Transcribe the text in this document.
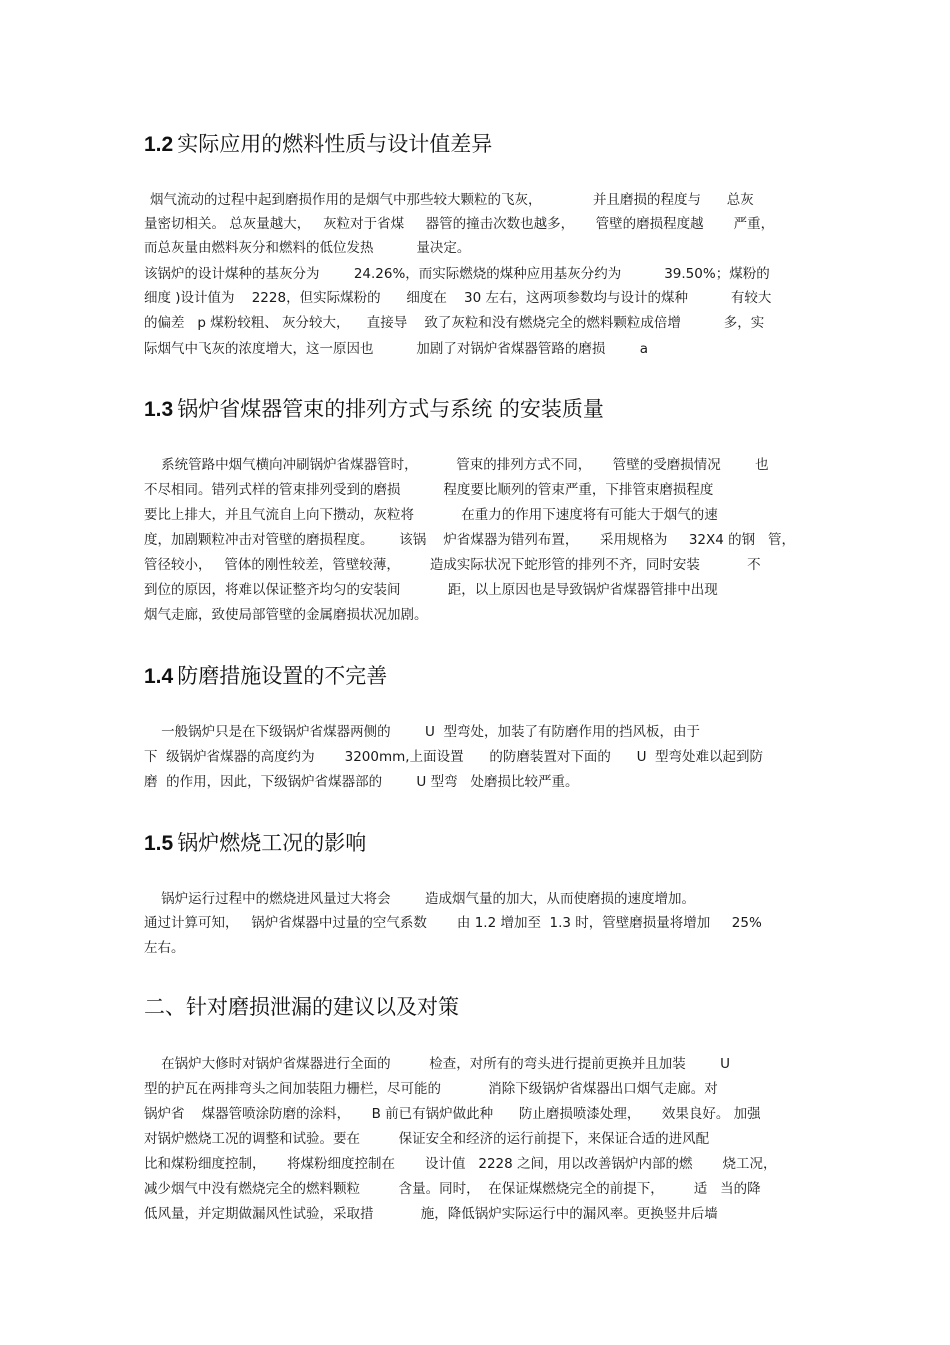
1.2 实际应用的燃料性质与设计值差异

烟气流动的过程中起到磨损作用的是烟气中那些较大颗粒的飞灰，            并且磨损的程度与      总灰

量密切相关。 总灰量越大，   灰粒对于省煤     器管的撞击次数也越多，     管壁的磨损程度越       严重，

而总灰量由燃料灰分和燃料的低位发热          量决定。

该锅炉的设计煤种的基灰分为        24.26%，而实际燃烧的煤种应用基灰分约为          39.50%；煤粉的

细度 )设计值为    2228，但实际煤粉的      细度在    30 左右，这两项参数均与设计的煤种          有较大

的偏差   p 煤粉较粗、 灰分较大，    直接导    致了灰粒和没有燃烧完全的燃料颗粒成倍增          多，实

际烟气中飞灰的浓度增大，这一原因也          加剧了对锅炉省煤器管路的磨损        a

1.3 锅炉省煤器管束的排列方式与系统 的安装质量

系统管路中烟气横向冲刷锅炉省煤器管时，         管束的排列方式不同，     管壁的受磨损情况        也

不尽相同。错列式样的管束排列受到的磨损          程度要比顺列的管束严重，下排管束磨损程度

要比上排大，并且气流自上向下攒动，灰粒将           在重力的作用下速度将有可能大于烟气的速

度，加剧颗粒冲击对管壁的磨损程度。      该锅    炉省煤器为错列布置，     采用规格为     32X4 的钢   管，

管径较小，   管体的刚性较差，管壁较薄，       造成实际状况下蛇形管的排列不齐，同时安装           不

到位的原因，将难以保证整齐均匀的安装间           距，以上原因也是导致锅炉省煤器管排中出现

烟气走廊，致使局部管壁的金属磨损状况加剧。

1.4 防磨措施设置的不完善

一般锅炉只是在下级锅炉省煤器两侧的        U  型弯处，加装了有防磨作用的挡风板，由于

下  级锅炉省煤器的高度约为       3200mm,上面设置      的防磨装置对下面的      U  型弯处难以起到防

磨  的作用，因此，下级锅炉省煤器部的        U 型弯   处磨损比较严重。

1.5 锅炉燃烧工况的影响

锅炉运行过程中的燃烧进风量过大将会        造成烟气量的加大，从而使磨损的速度增加。

通过计算可知，   锅炉省煤器中过量的空气系数       由 1.2 增加至  1.3 时，管壁磨损量将增加     25%

左右。

二、针对磨损泄漏的建议以及对策

在锅炉大修时对锅炉省煤器进行全面的         检查，对所有的弯头进行提前更换并且加装        U

型的护瓦在两排弯头之间加装阻力栅栏，尽可能的           消除下级锅炉省煤器出口烟气走廊。对

锅炉省    煤器管喷涂防磨的涂料，     B 前已有锅炉做此种      防止磨损喷漆处理，     效果良好。 加强

对锅炉燃烧工况的调整和试验。要在         保证安全和经济的运行前提下，来保证合适的进风配

比和煤粉细度控制，     将煤粉细度控制在       设计值   2228 之间，用以改善锅炉内部的燃       烧工况，

减少烟气中没有燃烧完全的燃料颗粒         含量。同时，  在保证煤燃烧完全的前提下，       适   当的降

低风量，并定期做漏风性试验，采取措           施，降低锅炉实际运行中的漏风率。更换竖井后墙
